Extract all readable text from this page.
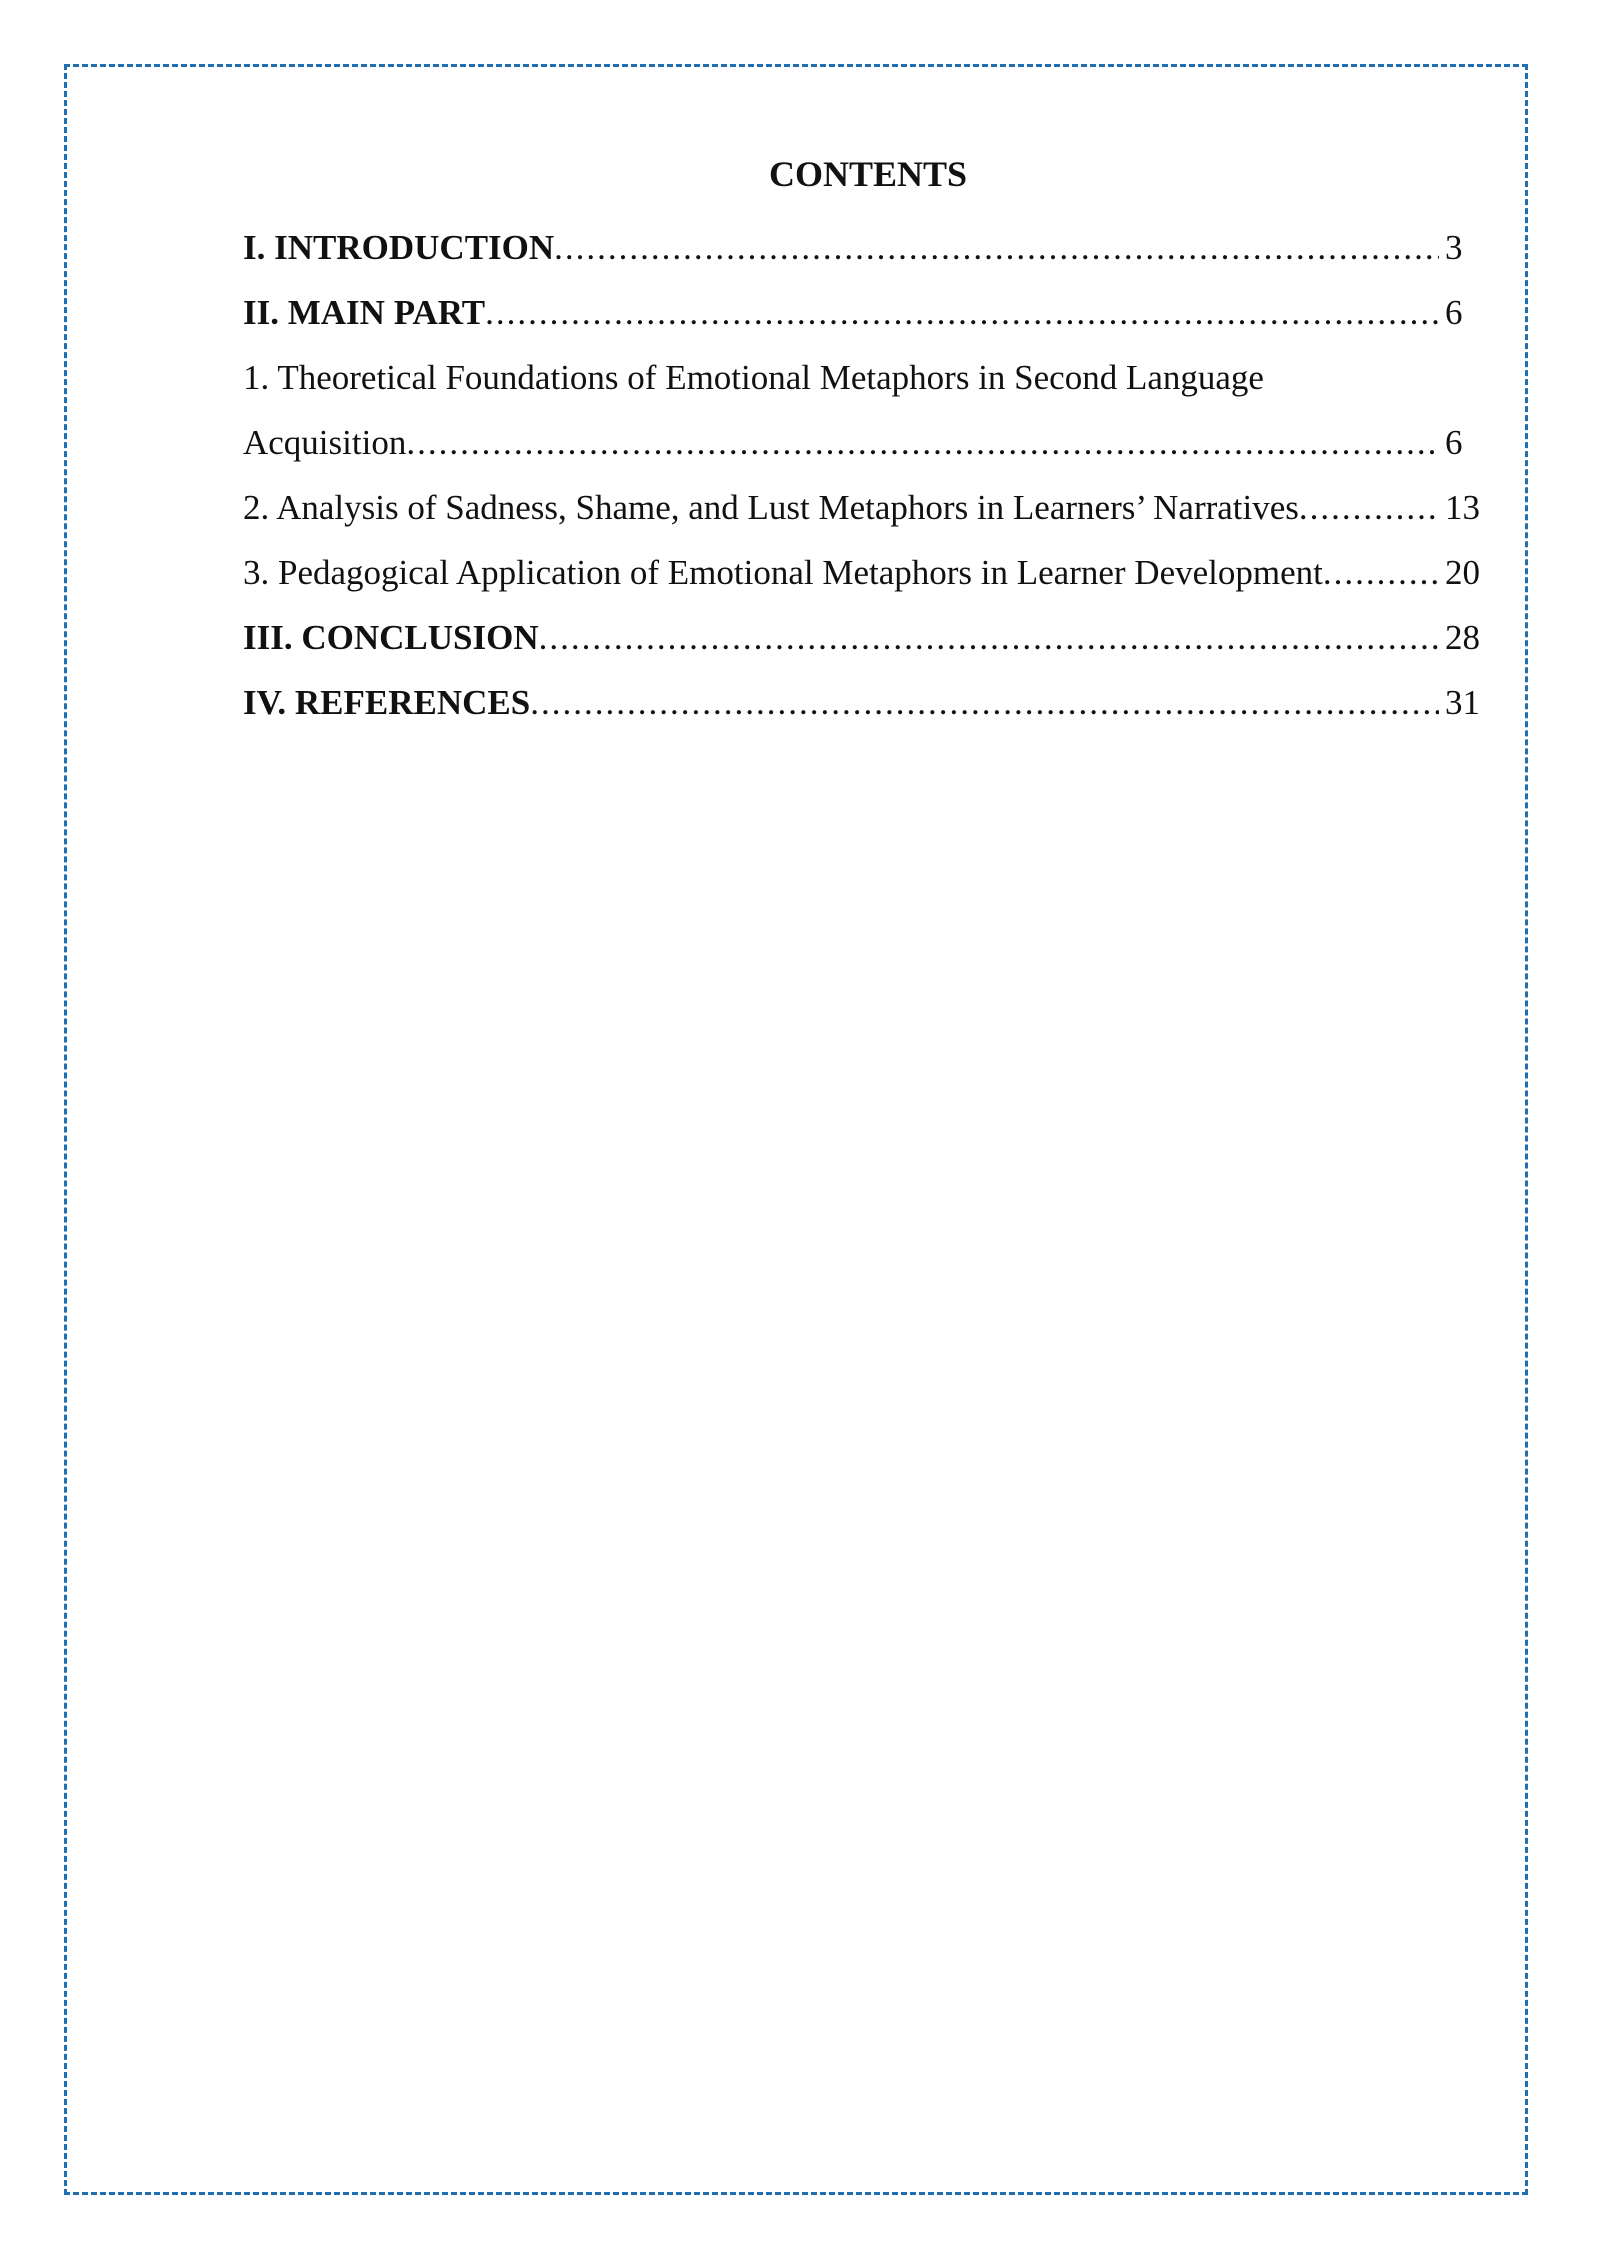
CONTENTS
I. INTRODUCTION .....	3
II. MAIN PART .....	6
1. Theoretical Foundations of Emotional Metaphors in Second Language
Acquisition .....	6
2. Analysis of Sadness, Shame, and Lust Metaphors in Learners’ Narratives .....	13
3. Pedagogical Application of Emotional Metaphors in Learner Development .....	20
III. CONCLUSION .....	28
IV. REFERENCES .....	31
